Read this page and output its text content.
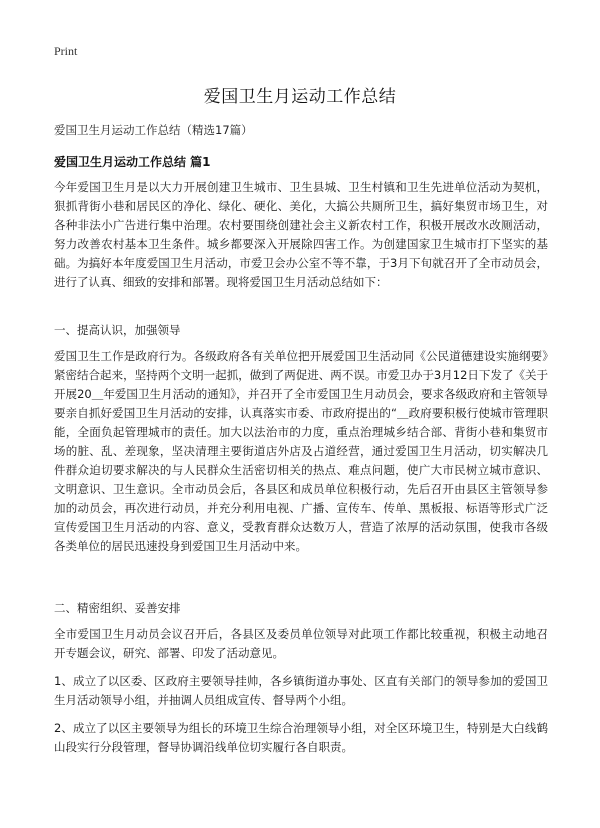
Print
爱国卫生月运动工作总结
爱国卫生月运动工作总结（精选17篇）
爱国卫生月运动工作总结 篇1
今年爱国卫生月是以大力开展创建卫生城市、卫生县城、卫生村镇和卫生先进单位活动为契机，狠抓背街小巷和居民区的净化、绿化、硬化、美化，大搞公共厕所卫生，搞好集贸市场卫生，对各种非法小广告进行集中治理。农村要围绕创建社会主义新农村工作，积极开展改水改厕活动，努力改善农村基本卫生条件。城乡都要深入开展除四害工作。为创建国家卫生城市打下坚实的基础。为搞好本年度爱国卫生月活动，市爱卫会办公室不等不靠，于3月下旬就召开了全市动员会，进行了认真、细致的安排和部署。现将爱国卫生月活动总结如下：
一、提高认识，加强领导
爱国卫生工作是政府行为。各级政府各有关单位把开展爱国卫生活动同《公民道德建设实施纲要》紧密结合起来，坚持两个文明一起抓，做到了两促进、两不误。市爱卫办于3月12日下发了《关于开展20＿年爱国卫生月活动的通知》，并召开了全市爱国卫生月动员会，要求各级政府和主管领导要亲自抓好爱国卫生月活动的安排，认真落实市委、市政府提出的“＿政府要积极行使城市管理职能，全面负起管理城市的责任。加大以法治市的力度，重点治理城乡结合部、背街小巷和集贸市场的脏、乱、差现象，坚决清理主要街道店外店及占道经营，通过爱国卫生月活动，切实解决几件群众迫切要求解决的与人民群众生活密切相关的热点、难点问题，使广大市民树立城市意识、文明意识、卫生意识。全市动员会后，各县区和成员单位积极行动，先后召开由县区主管领导参加的动员会，再次进行动员，并充分利用电视、广播、宣传车、传单、黑板报、标语等形式广泛宣传爱国卫生月活动的内容、意义，受教育群众达数万人，营造了浓厚的活动氛围，使我市各级各类单位的居民迅速投身到爱国卫生月活动中来。
二、精密组织、妥善安排
全市爱国卫生月动员会议召开后，各县区及委员单位领导对此项工作都比较重视，积极主动地召开专题会议，研究、部署、印发了活动意见。
1、成立了以区委、区政府主要领导挂帅，各乡镇街道办事处、区直有关部门的领导参加的爱国卫生月活动领导小组，并抽调人员组成宣传、督导两个小组。
2、成立了以区主要领导为组长的环境卫生综合治理领导小组，对全区环境卫生，特别是大白线鹤山段实行分段管理，督导协调沿线单位切实履行各自职责。
